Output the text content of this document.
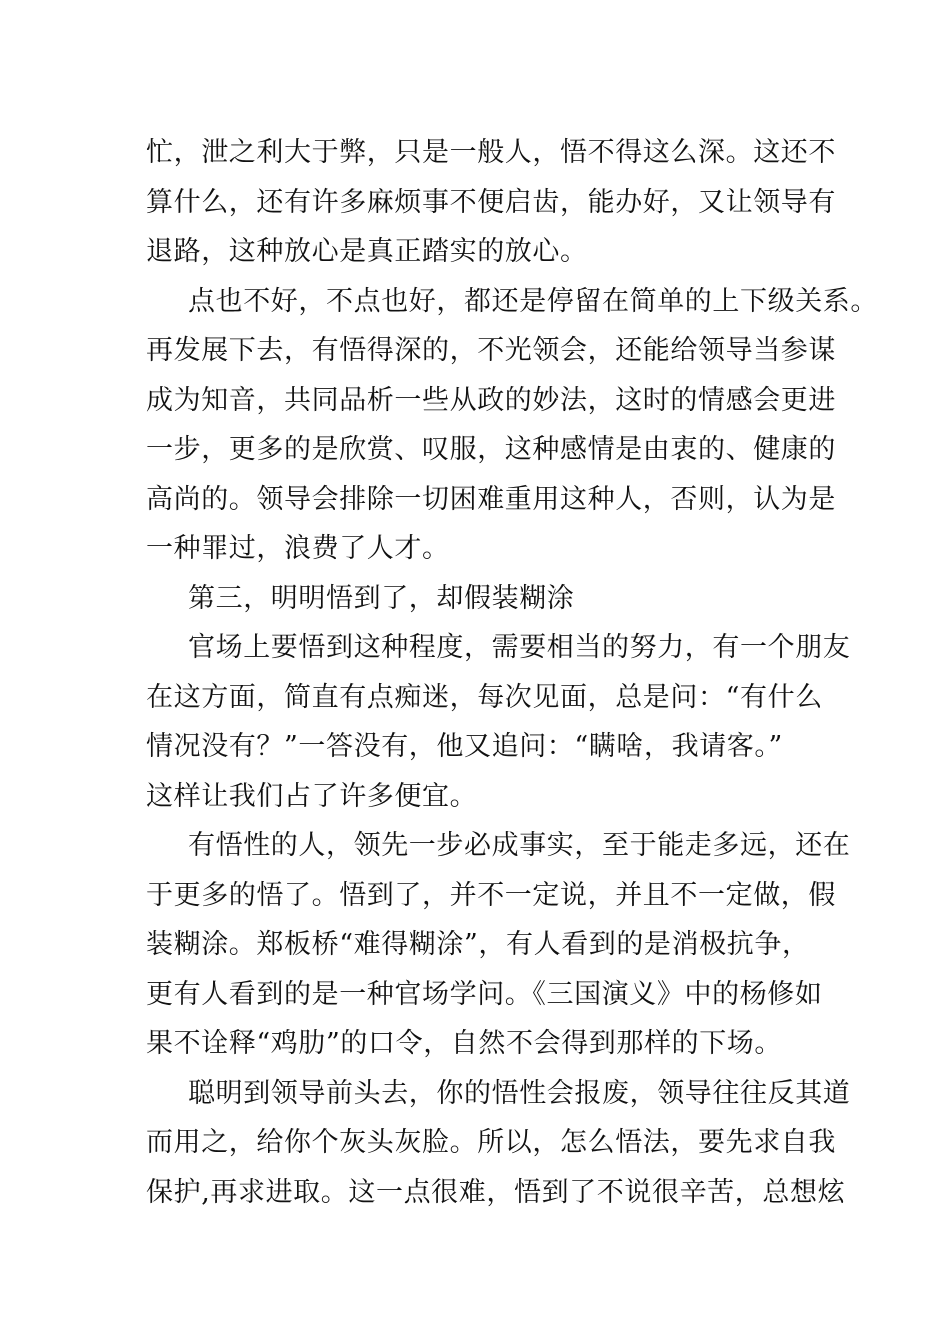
忙，泄之利大于弊，只是一般人，悟不得这么深。这还不
算什么，还有许多麻烦事不便启齿，能办好，又让领导有
退路，这种放心是真正踏实的放心。

点也不好，不点也好，都还是停留在简单的上下级关系。
再发展下去，有悟得深的，不光领会，还能给领导当参谋
成为知音，共同品析一些从政的妙法，这时的情感会更进
一步，更多的是欣赏、叹服，这种感情是由衷的、健康的
高尚的。领导会排除一切困难重用这种人，否则，认为是
一种罪过，浪费了人才。

第三，明明悟到了，却假装糊涂

官场上要悟到这种程度，需要相当的努力，有一个朋友
在这方面，简直有点痴迷，每次见面，总是问：“有什么
情况没有？”一答没有，他又追问：“瞒啥，我请客。”
这样让我们占了许多便宜。

有悟性的人，领先一步必成事实，至于能走多远，还在
于更多的悟了。悟到了，并不一定说，并且不一定做，假
装糊涂。郑板桥“难得糊涂”，有人看到的是消极抗争，
更有人看到的是一种官场学问。《三国演义》中的杨修如
果不诠释“鸡肋”的口令，自然不会得到那样的下场。

聪明到领导前头去，你的悟性会报废，领导往往反其道
而用之，给你个灰头灰脸。所以，怎么悟法，要先求自我
保护,再求进取。这一点很难，悟到了不说很辛苦，总想炫
